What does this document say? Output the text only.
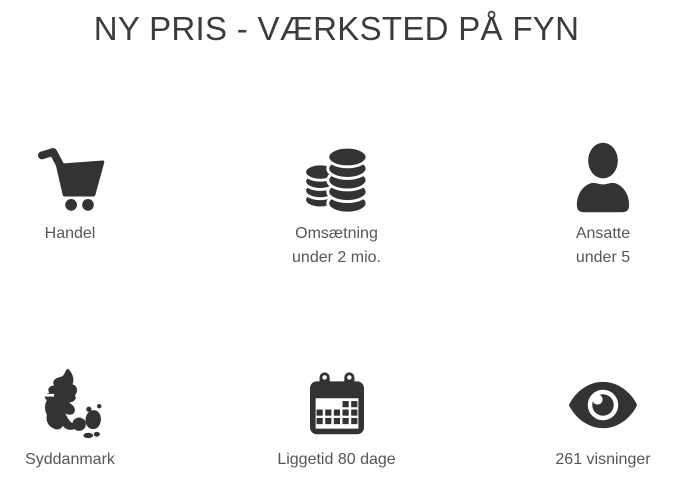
NY PRIS - VÆRKSTED PÅ FYN
Handel	Omsætning
under 2 mio.
Ansatte
under 5
Syddanmark	Liggetid 80 dage	261 visninger
